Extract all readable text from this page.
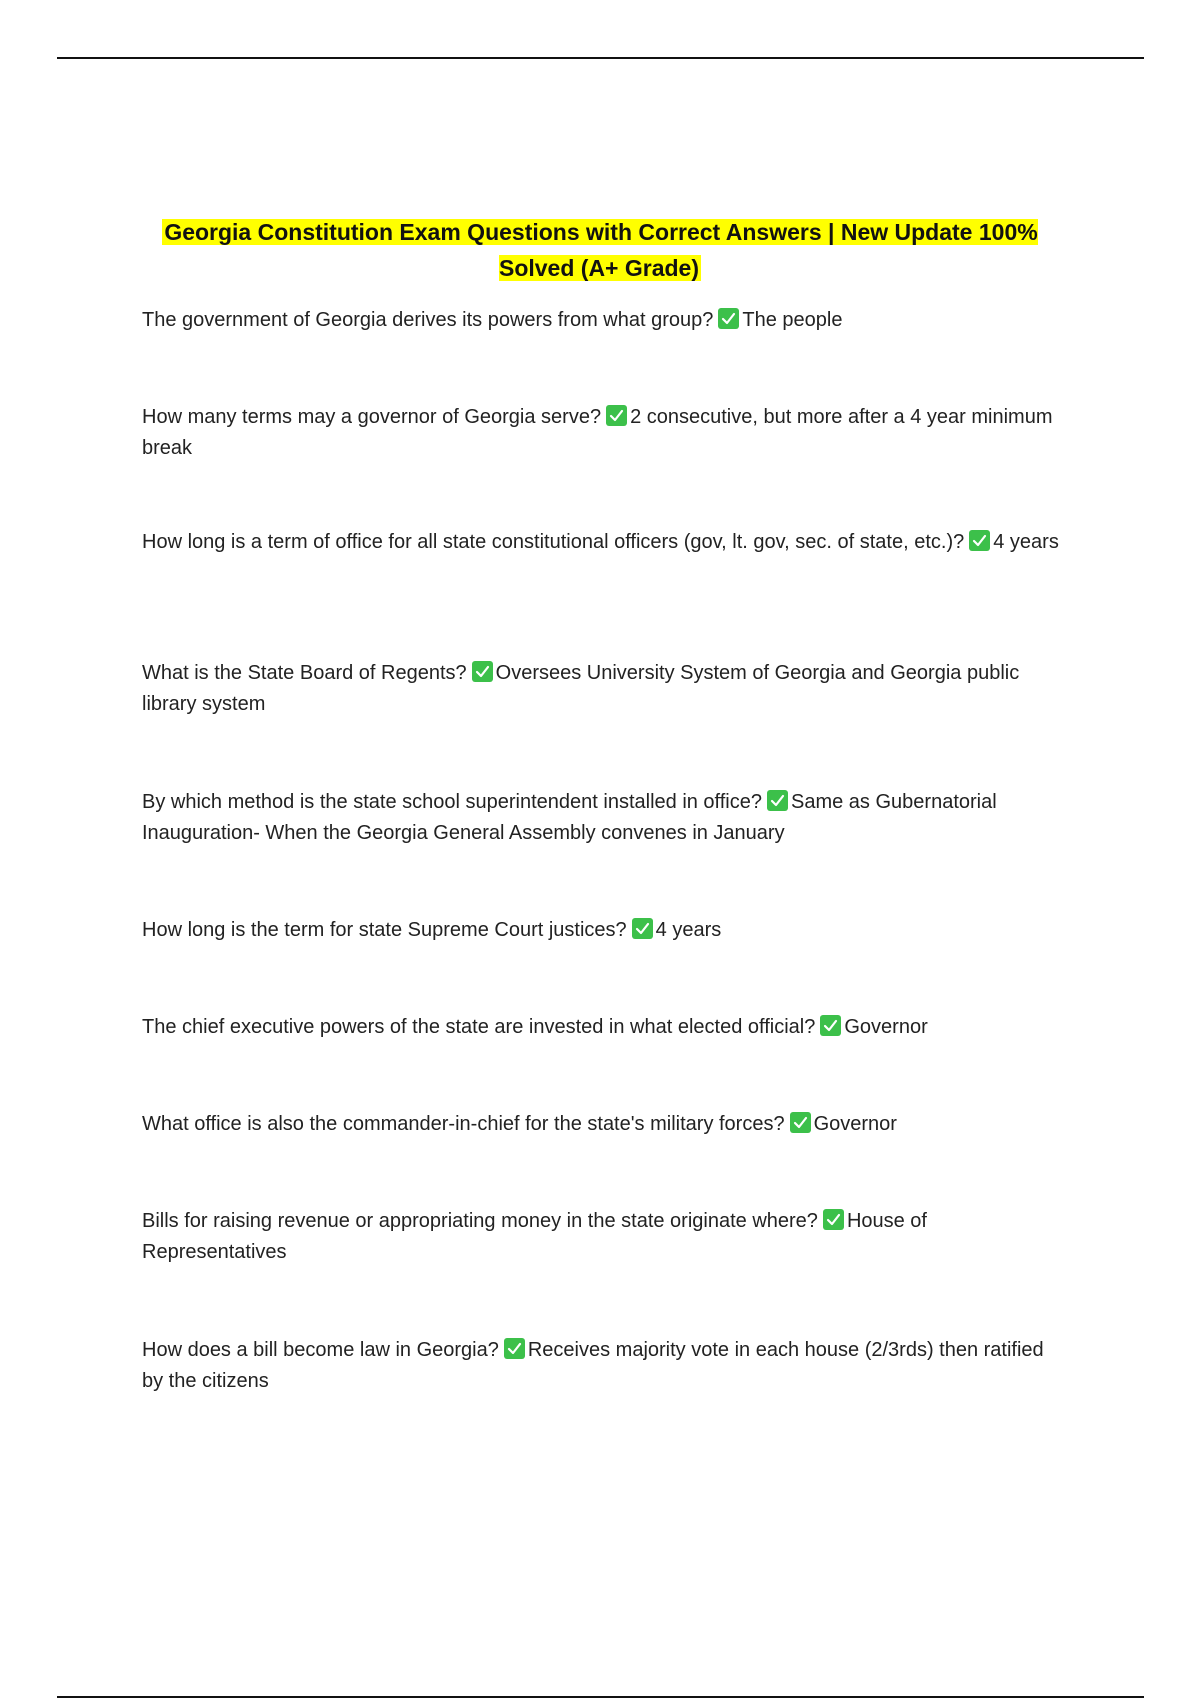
Georgia Constitution Exam Questions with Correct Answers | New Update 100% Solved (A+ Grade)
The government of Georgia derives its powers from what group? The people
How many terms may a governor of Georgia serve? 2 consecutive, but more after a 4 year minimum break
How long is a term of office for all state constitutional officers (gov, lt. gov, sec. of state, etc.)? 4 years
What is the State Board of Regents? Oversees University System of Georgia and Georgia public library system
By which method is the state school superintendent installed in office? Same as Gubernatorial Inauguration- When the Georgia General Assembly convenes in January
How long is the term for state Supreme Court justices? 4 years
The chief executive powers of the state are invested in what elected official? Governor
What office is also the commander-in-chief for the state's military forces? Governor
Bills for raising revenue or appropriating money in the state originate where? House of Representatives
How does a bill become law in Georgia? Receives majority vote in each house (2/3rds) then ratified by the citizens
